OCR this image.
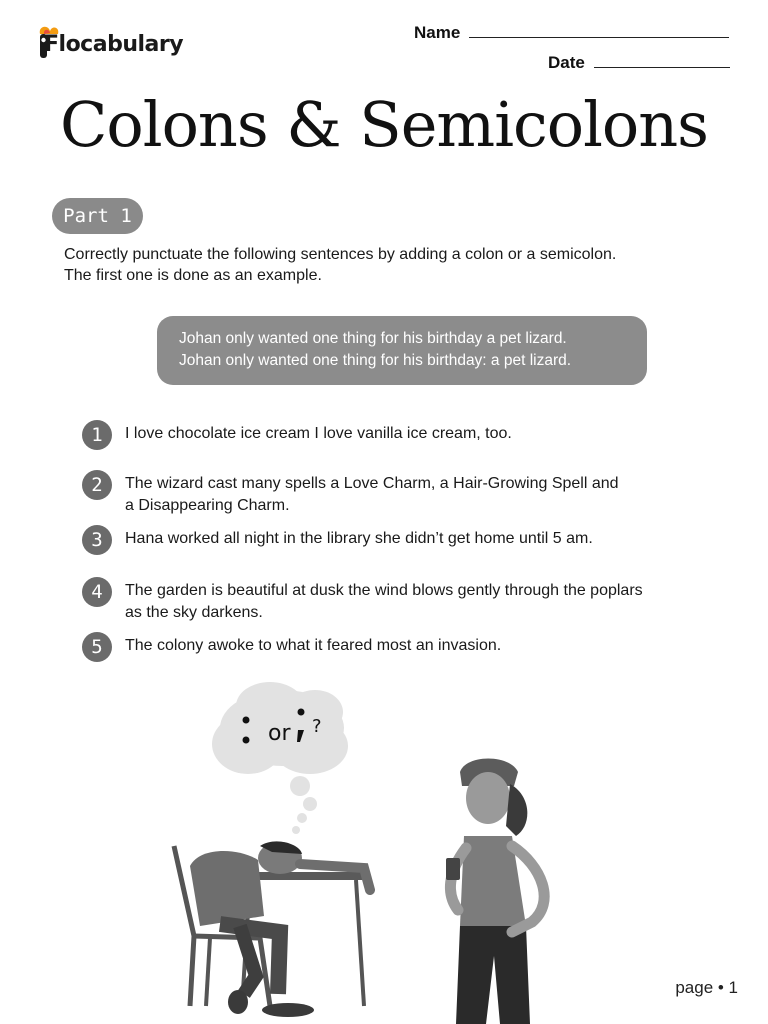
Flocabulary	Name
Date
Colons & Semicolons
Part 1
Correctly punctuate the following sentences by adding a colon or a semicolon.
The first one is done as an example.
Johan only wanted one thing for his birthday a pet lizard.
Johan only wanted one thing for his birthday: a pet lizard.
1	I love chocolate ice cream I love vanilla ice cream, too.
2	The wizard cast many spells a Love Charm, a Hair-Growing Spell and
a Disappearing Charm.
3	Hana worked all night in the library she didn’t get home until 5 am.
4	The garden is beautiful at dusk the wind blows gently through the poplars
as the sky darkens.
5	The colony awoke to what it feared most an invasion.
or ?
page • 1
